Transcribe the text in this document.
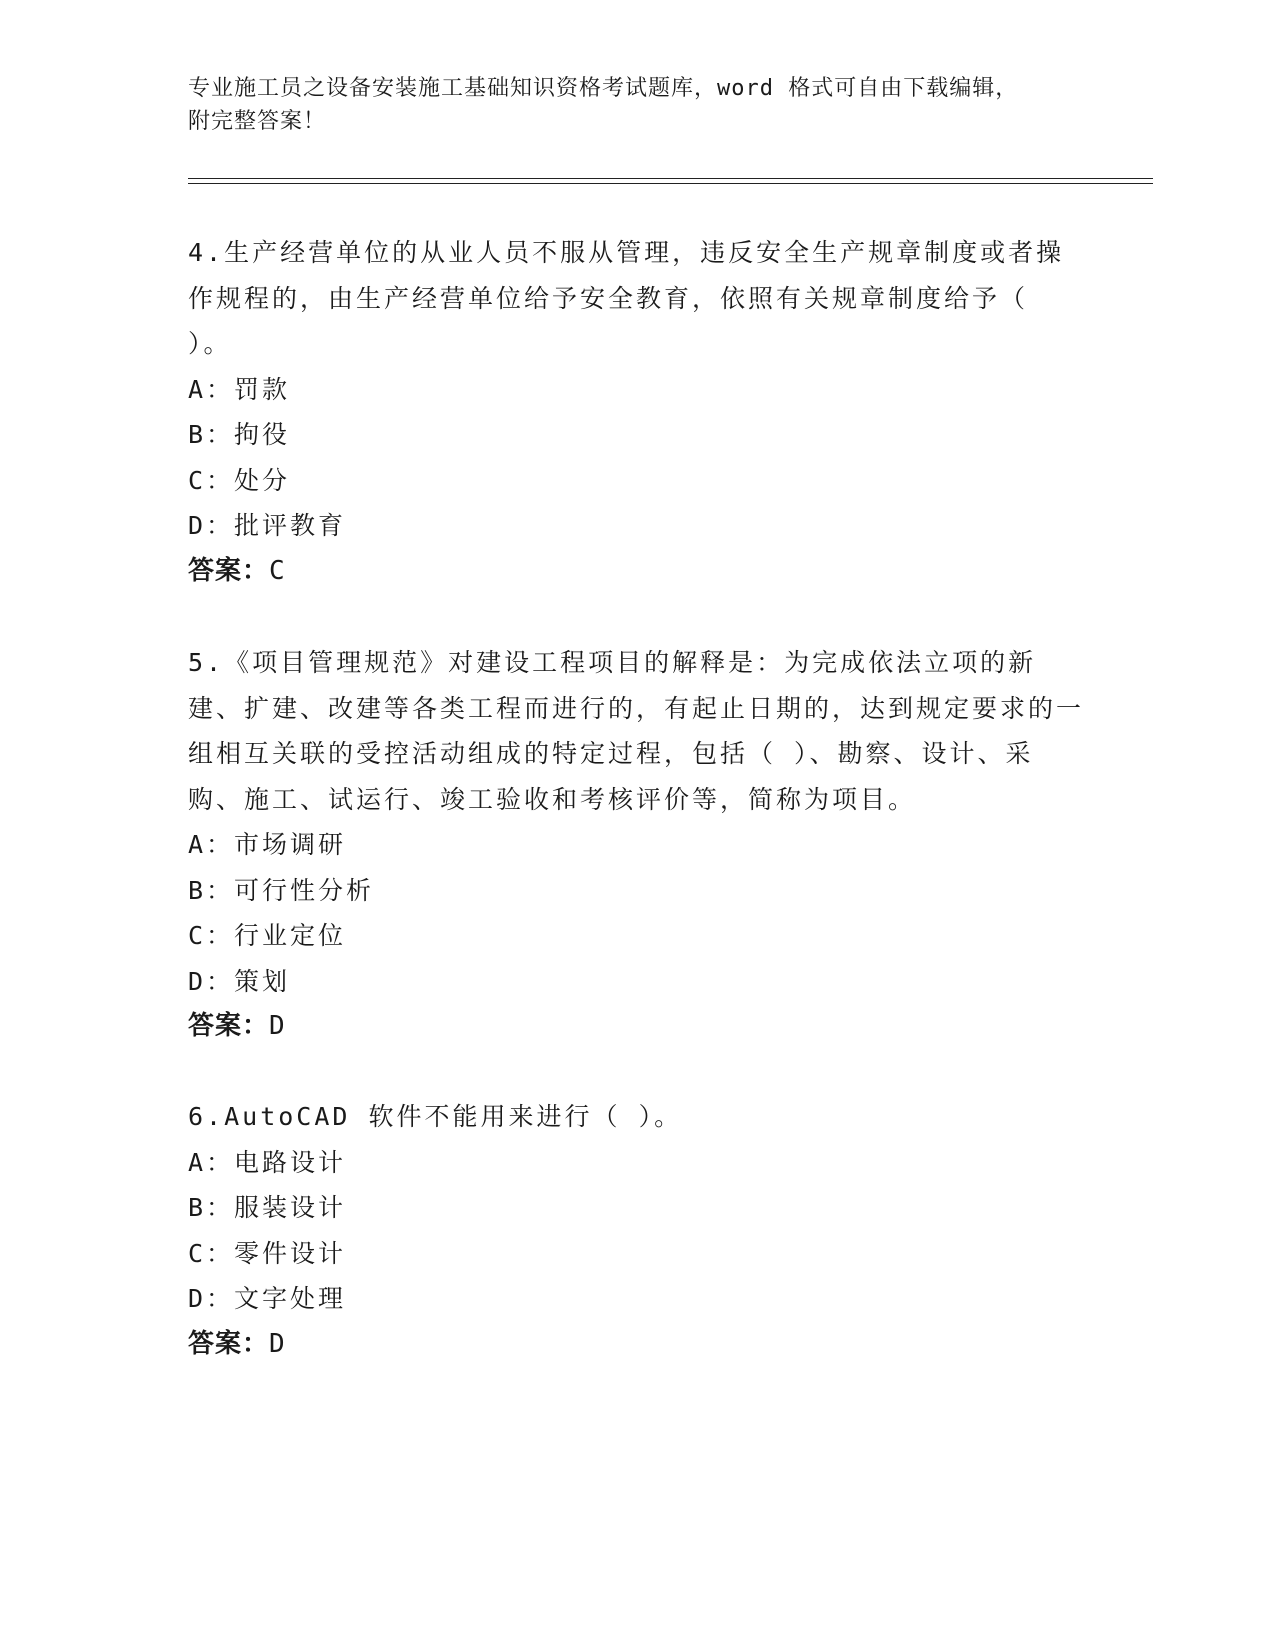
专业施工员之设备安装施工基础知识资格考试题库，word 格式可自由下载编辑，
附完整答案！
4.生产经营单位的从业人员不服从管理，违反安全生产规章制度或者操作规程的，由生产经营单位给予安全教育，依照有关规章制度给予（ ）。
A：罚款
B：拘役
C：处分
D：批评教育
答案：C
5.《项目管理规范》对建设工程项目的解释是：为完成依法立项的新建、扩建、改建等各类工程而进行的，有起止日期的，达到规定要求的一组相互关联的受控活动组成的特定过程，包括（ ）、勘察、设计、采购、施工、试运行、竣工验收和考核评价等，简称为项目。
A：市场调研
B：可行性分析
C：行业定位
D：策划
答案：D
6.AutoCAD 软件不能用来进行（ ）。
A：电路设计
B：服装设计
C：零件设计
D：文字处理
答案：D
